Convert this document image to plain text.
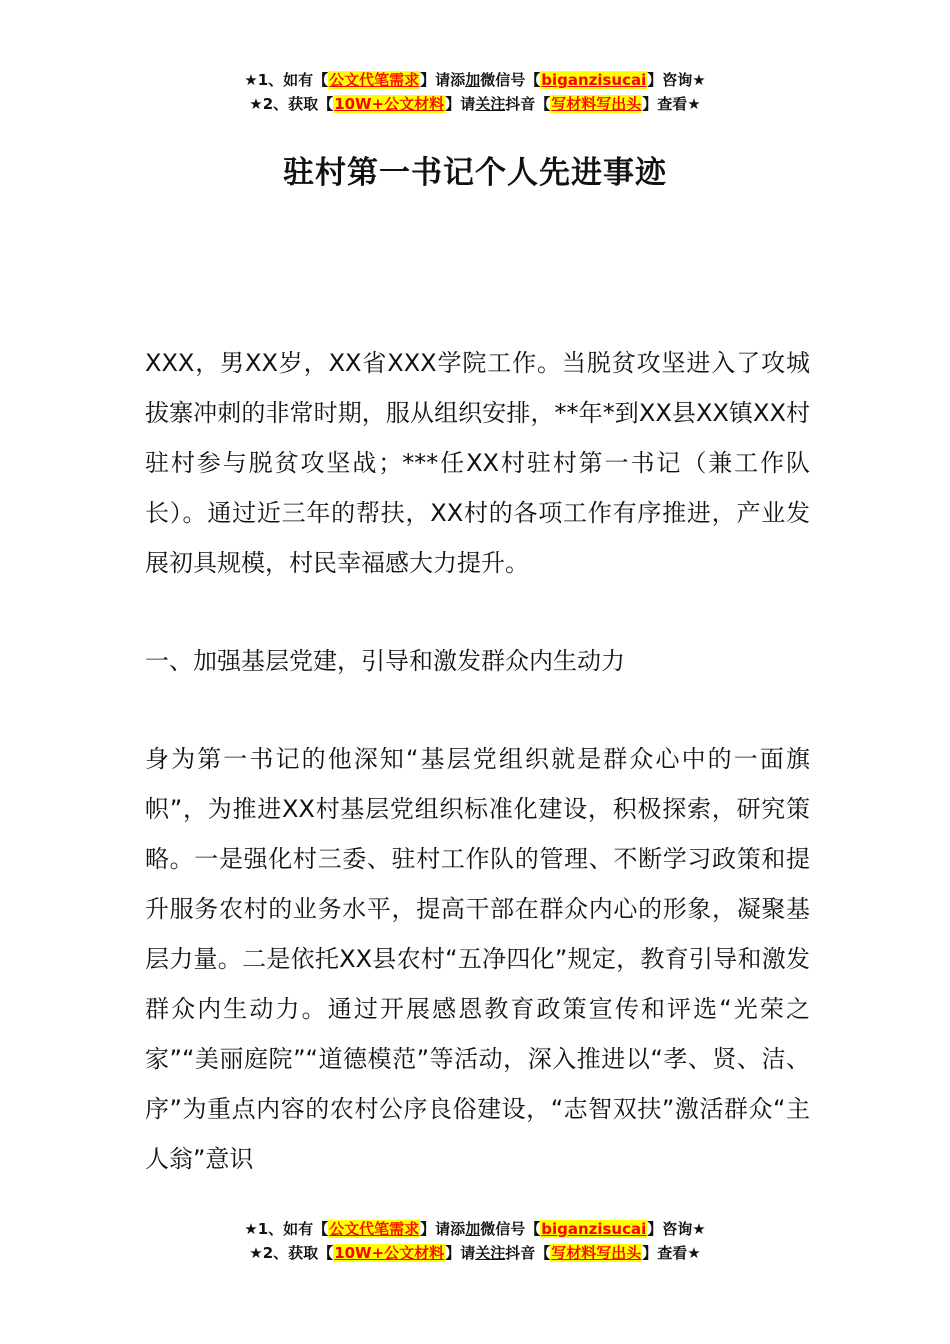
★1、如有【公文代笔需求】请添加微信号【biganzisucai】咨询★
★2、获取【10W+公文材料】请关注抖音【写材料写出头】查看★
驻村第一书记个人先进事迹

XXX，男XX岁，XX省XXX学院工作。当脱贫攻坚进入了攻城拔寨冲刺的非常时期，服从组织安排，**年*到XX县XX镇XX村驻村参与脱贫攻坚战；***任XX村驻村第一书记（兼工作队长）。通过近三年的帮扶，XX村的各项工作有序推进，产业发展初具规模，村民幸福感大力提升。

一、加强基层党建，引导和激发群众内生动力

身为第一书记的他深知“基层党组织就是群众心中的一面旗帜”，为推进XX村基层党组织标准化建设，积极探索，研究策略。一是强化村三委、驻村工作队的管理、不断学习政策和提升服务农村的业务水平，提高干部在群众内心的形象，凝聚基层力量。二是依托XX县农村“五净四化”规定，教育引导和激发群众内生动力。通过开展感恩教育政策宣传和评选“光荣之家”“美丽庭院”“道德模范”等活动，深入推进以“孝、贤、洁、序”为重点内容的农村公序良俗建设，“志智双扶”激活群众“主人翁”意识

★1、如有【公文代笔需求】请添加微信号【biganzisucai】咨询★
★2、获取【10W+公文材料】请关注抖音【写材料写出头】查看★
